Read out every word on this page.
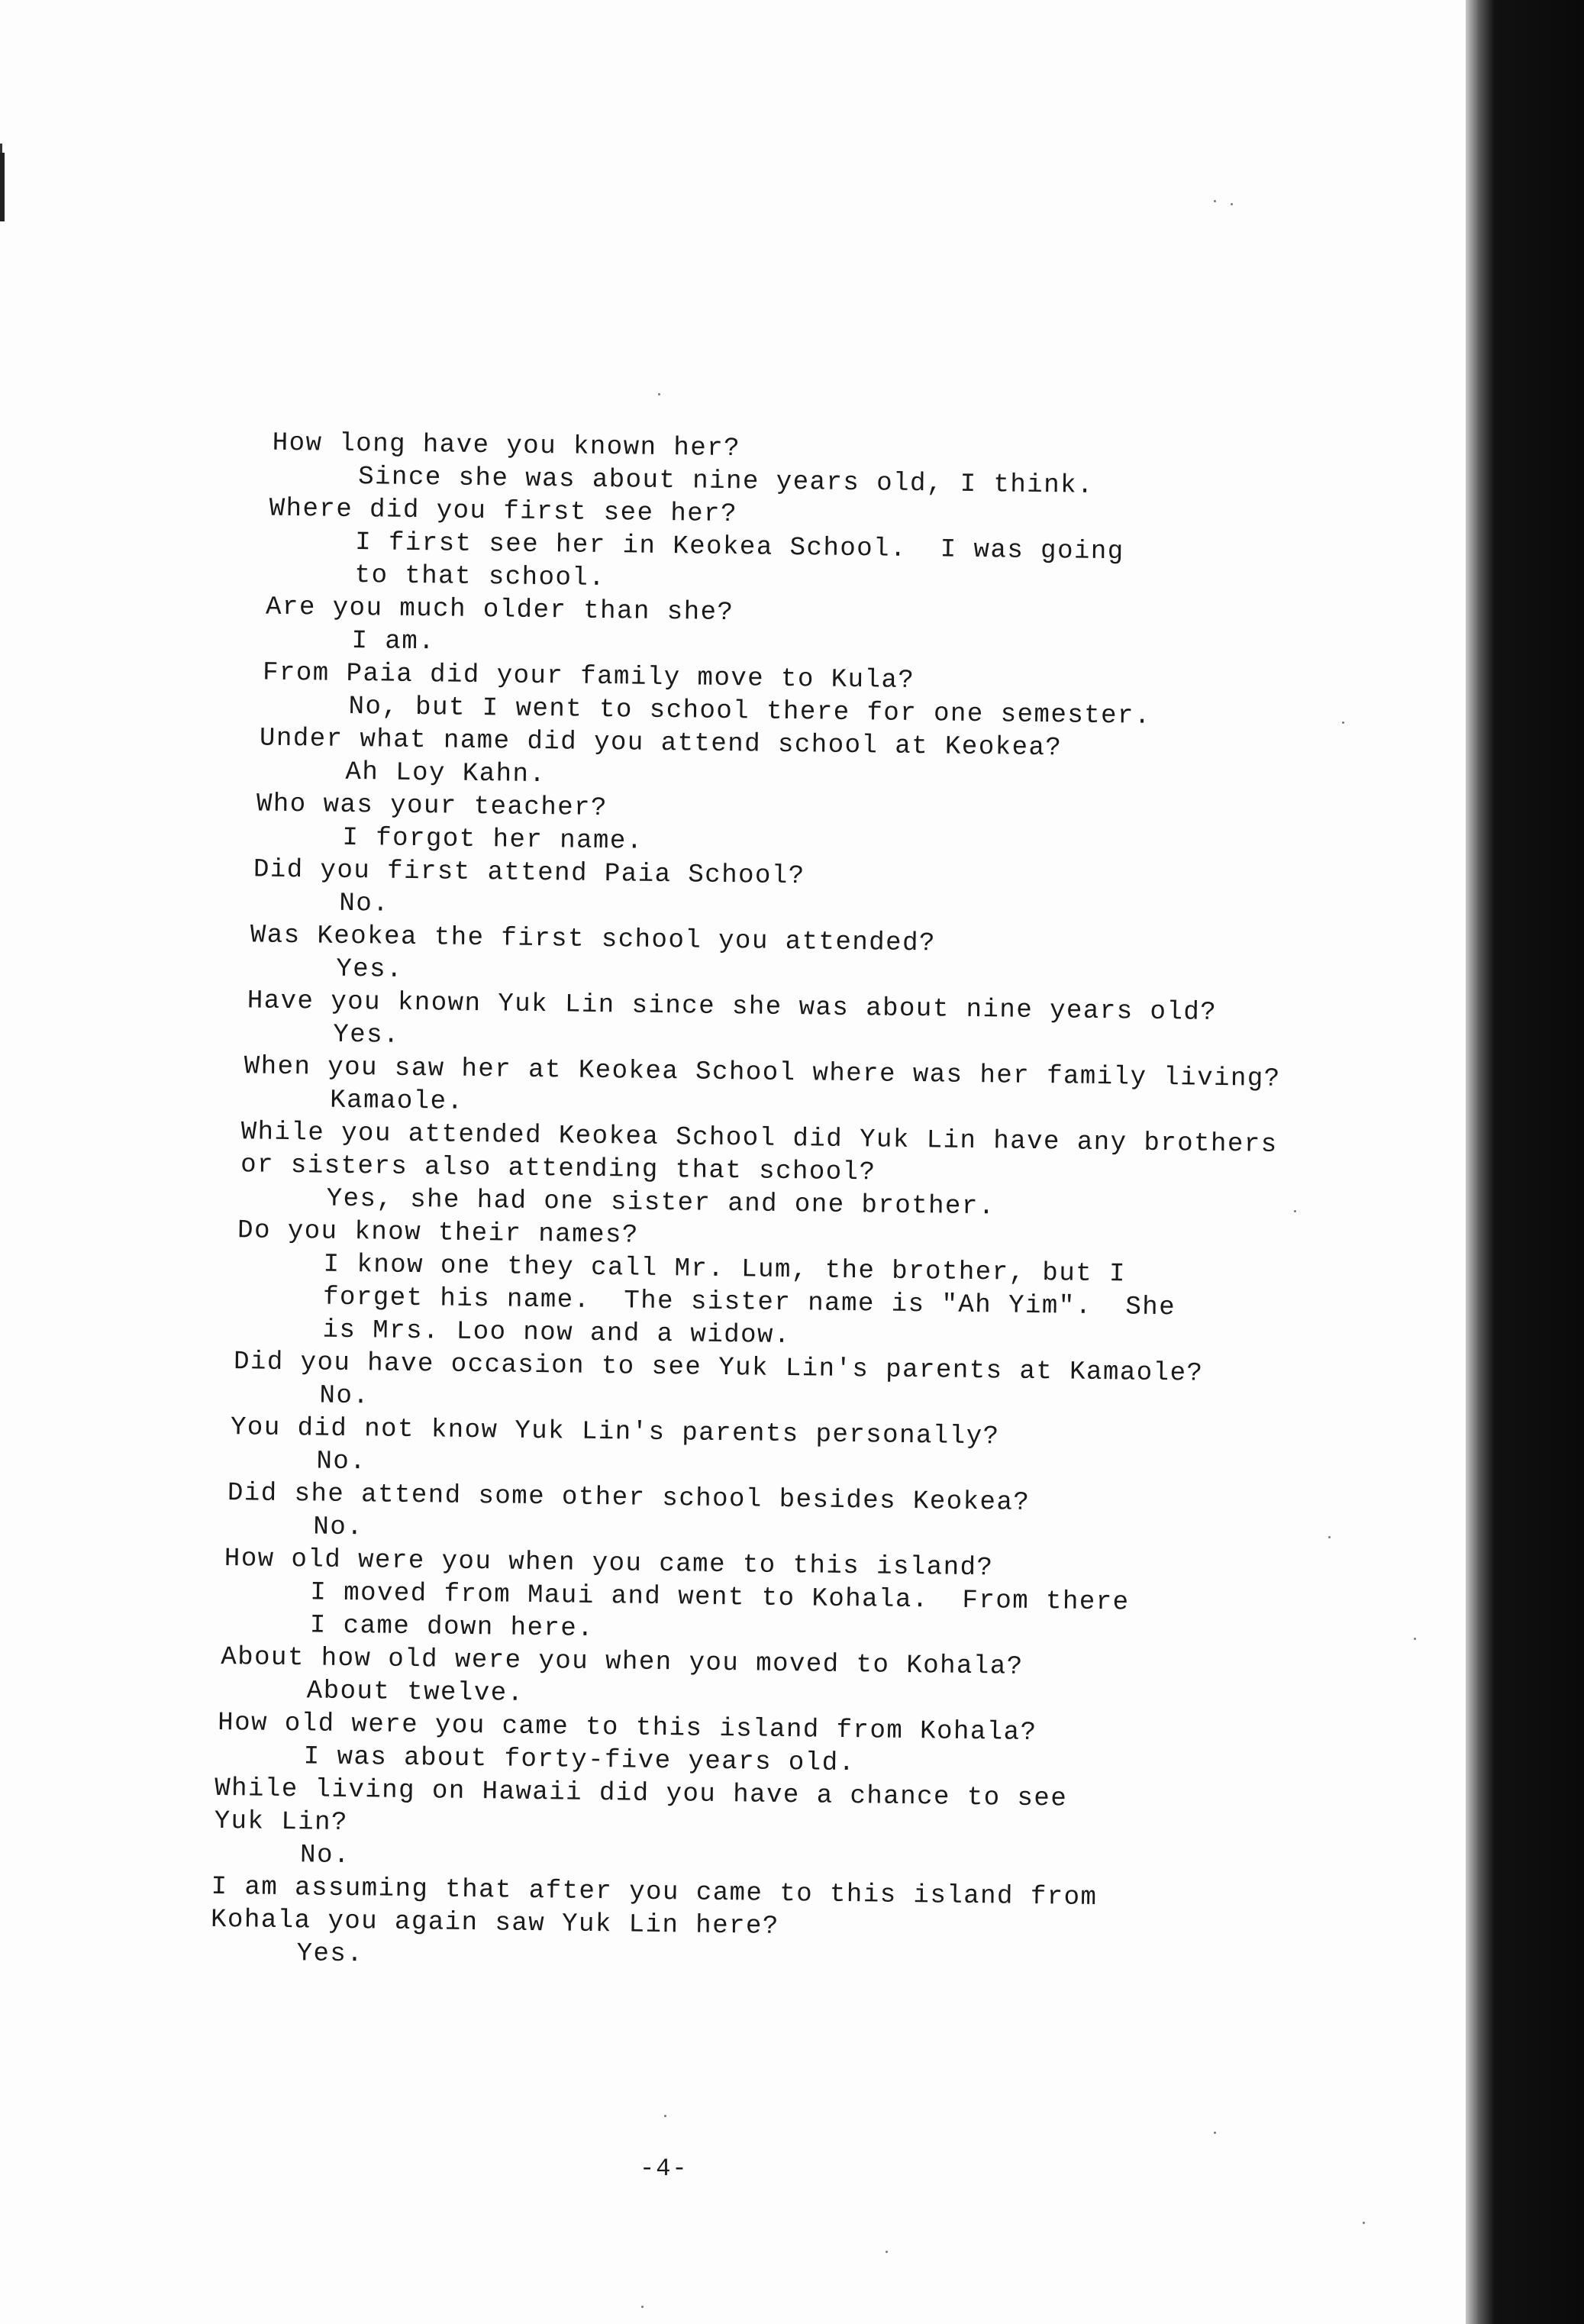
How long have you known her?
Since she was about nine years old, I think.
Where did you first see her?
I first see her in Keokea School.  I was going
to that school.
Are you much older than she?
I am.
From Paia did your family move to Kula?
No, but I went to school there for one semester.
Under what name did you attend school at Keokea?
Ah Loy Kahn.
Who was your teacher?
I forgot her name.
Did you first attend Paia School?
No.
Was Keokea the first school you attended?
Yes.
Have you known Yuk Lin since she was about nine years old?
Yes.
When you saw her at Keokea School where was her family living?
Kamaole.
While you attended Keokea School did Yuk Lin have any brothers
or sisters also attending that school?
Yes, she had one sister and one brother.
Do you know their names?
I know one they call Mr. Lum, the brother, but I
forget his name.  The sister name is "Ah Yim".  She
is Mrs. Loo now and a widow.
Did you have occasion to see Yuk Lin's parents at Kamaole?
No.
You did not know Yuk Lin's parents personally?
No.
Did she attend some other school besides Keokea?
No.
How old were you when you came to this island?
I moved from Maui and went to Kohala.  From there
I came down here.
About how old were you when you moved to Kohala?
About twelve.
How old were you came to this island from Kohala?
I was about forty-five years old.
While living on Hawaii did you have a chance to see
Yuk Lin?
No.
I am assuming that after you came to this island from
Kohala you again saw Yuk Lin here?
Yes.
-4-
